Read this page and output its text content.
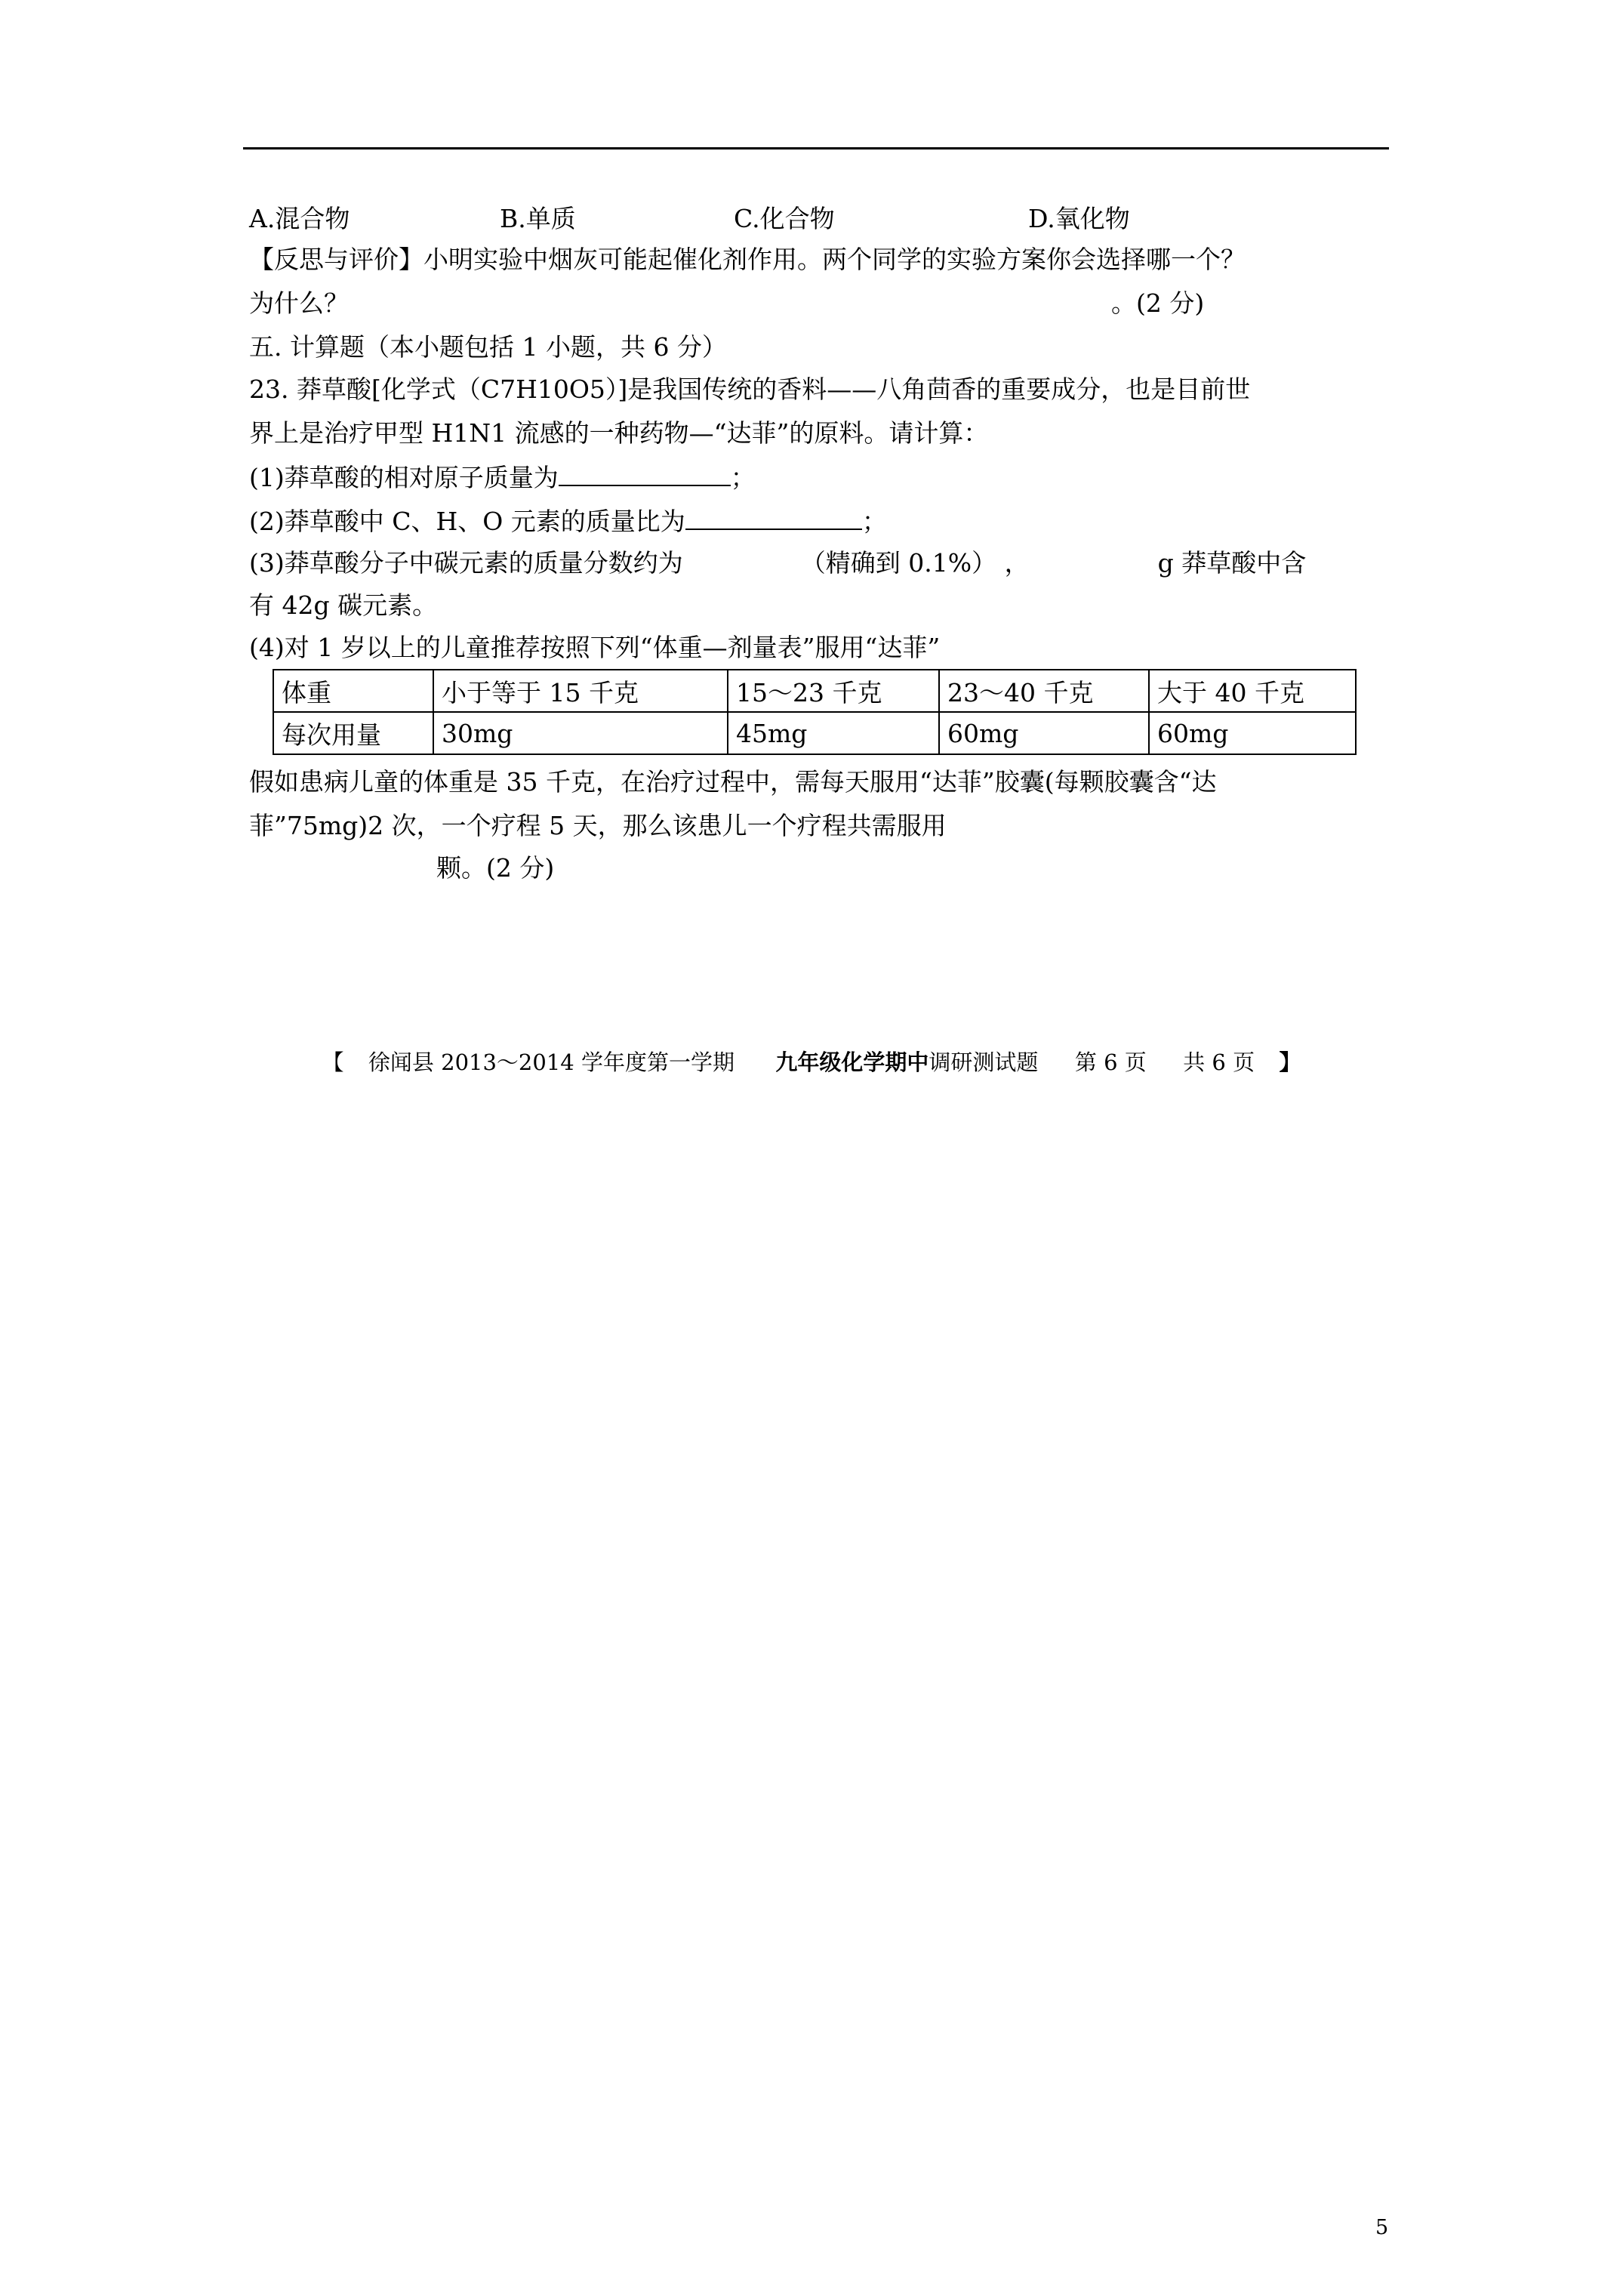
A.混合物	B.单质	C.化合物	D.氧化物
【反思与评价】小明实验中烟灰可能起催化剂作用。两个同学的实验方案你会选择哪一个？
为什么？	。(2 分)
五. 计算题（本小题包括 1 小题，共 6 分）
23. 莽草酸[化学式（C7H10O5）]是我国传统的香料——八角茴香的重要成分，也是目前世
界上是治疗甲型 H1N1 流感的一种药物—“达菲”的原料。请计算：
(1)莽草酸的相对原子质量为	；
(2)莽草酸中 C、H、O 元素的质量比为	；
(3)莽草酸分子中碳元素的质量分数约为	（精确到 0.1%） ，	g 莽草酸中含
有 42g 碳元素。
(4)对 1 岁以上的儿童推荐按照下列“体重—剂量表”服用“达菲”
体重	小于等于 15 千克	15～23 千克	23～40 千克	大于 40 千克
每次用量	30mg	45mg	60mg	60mg
假如患病儿童的体重是 35 千克，在治疗过程中，需每天服用“达菲”胶囊(每颗胶囊含“达
菲”75mg)2 次，一个疗程 5 天，那么该患儿一个疗程共需服用
颗。(2 分)
【 徐闻县 2013～2014 学年度第一学期 九年级化学期中调研测试题 第 6 页 共 6 页 】
5
